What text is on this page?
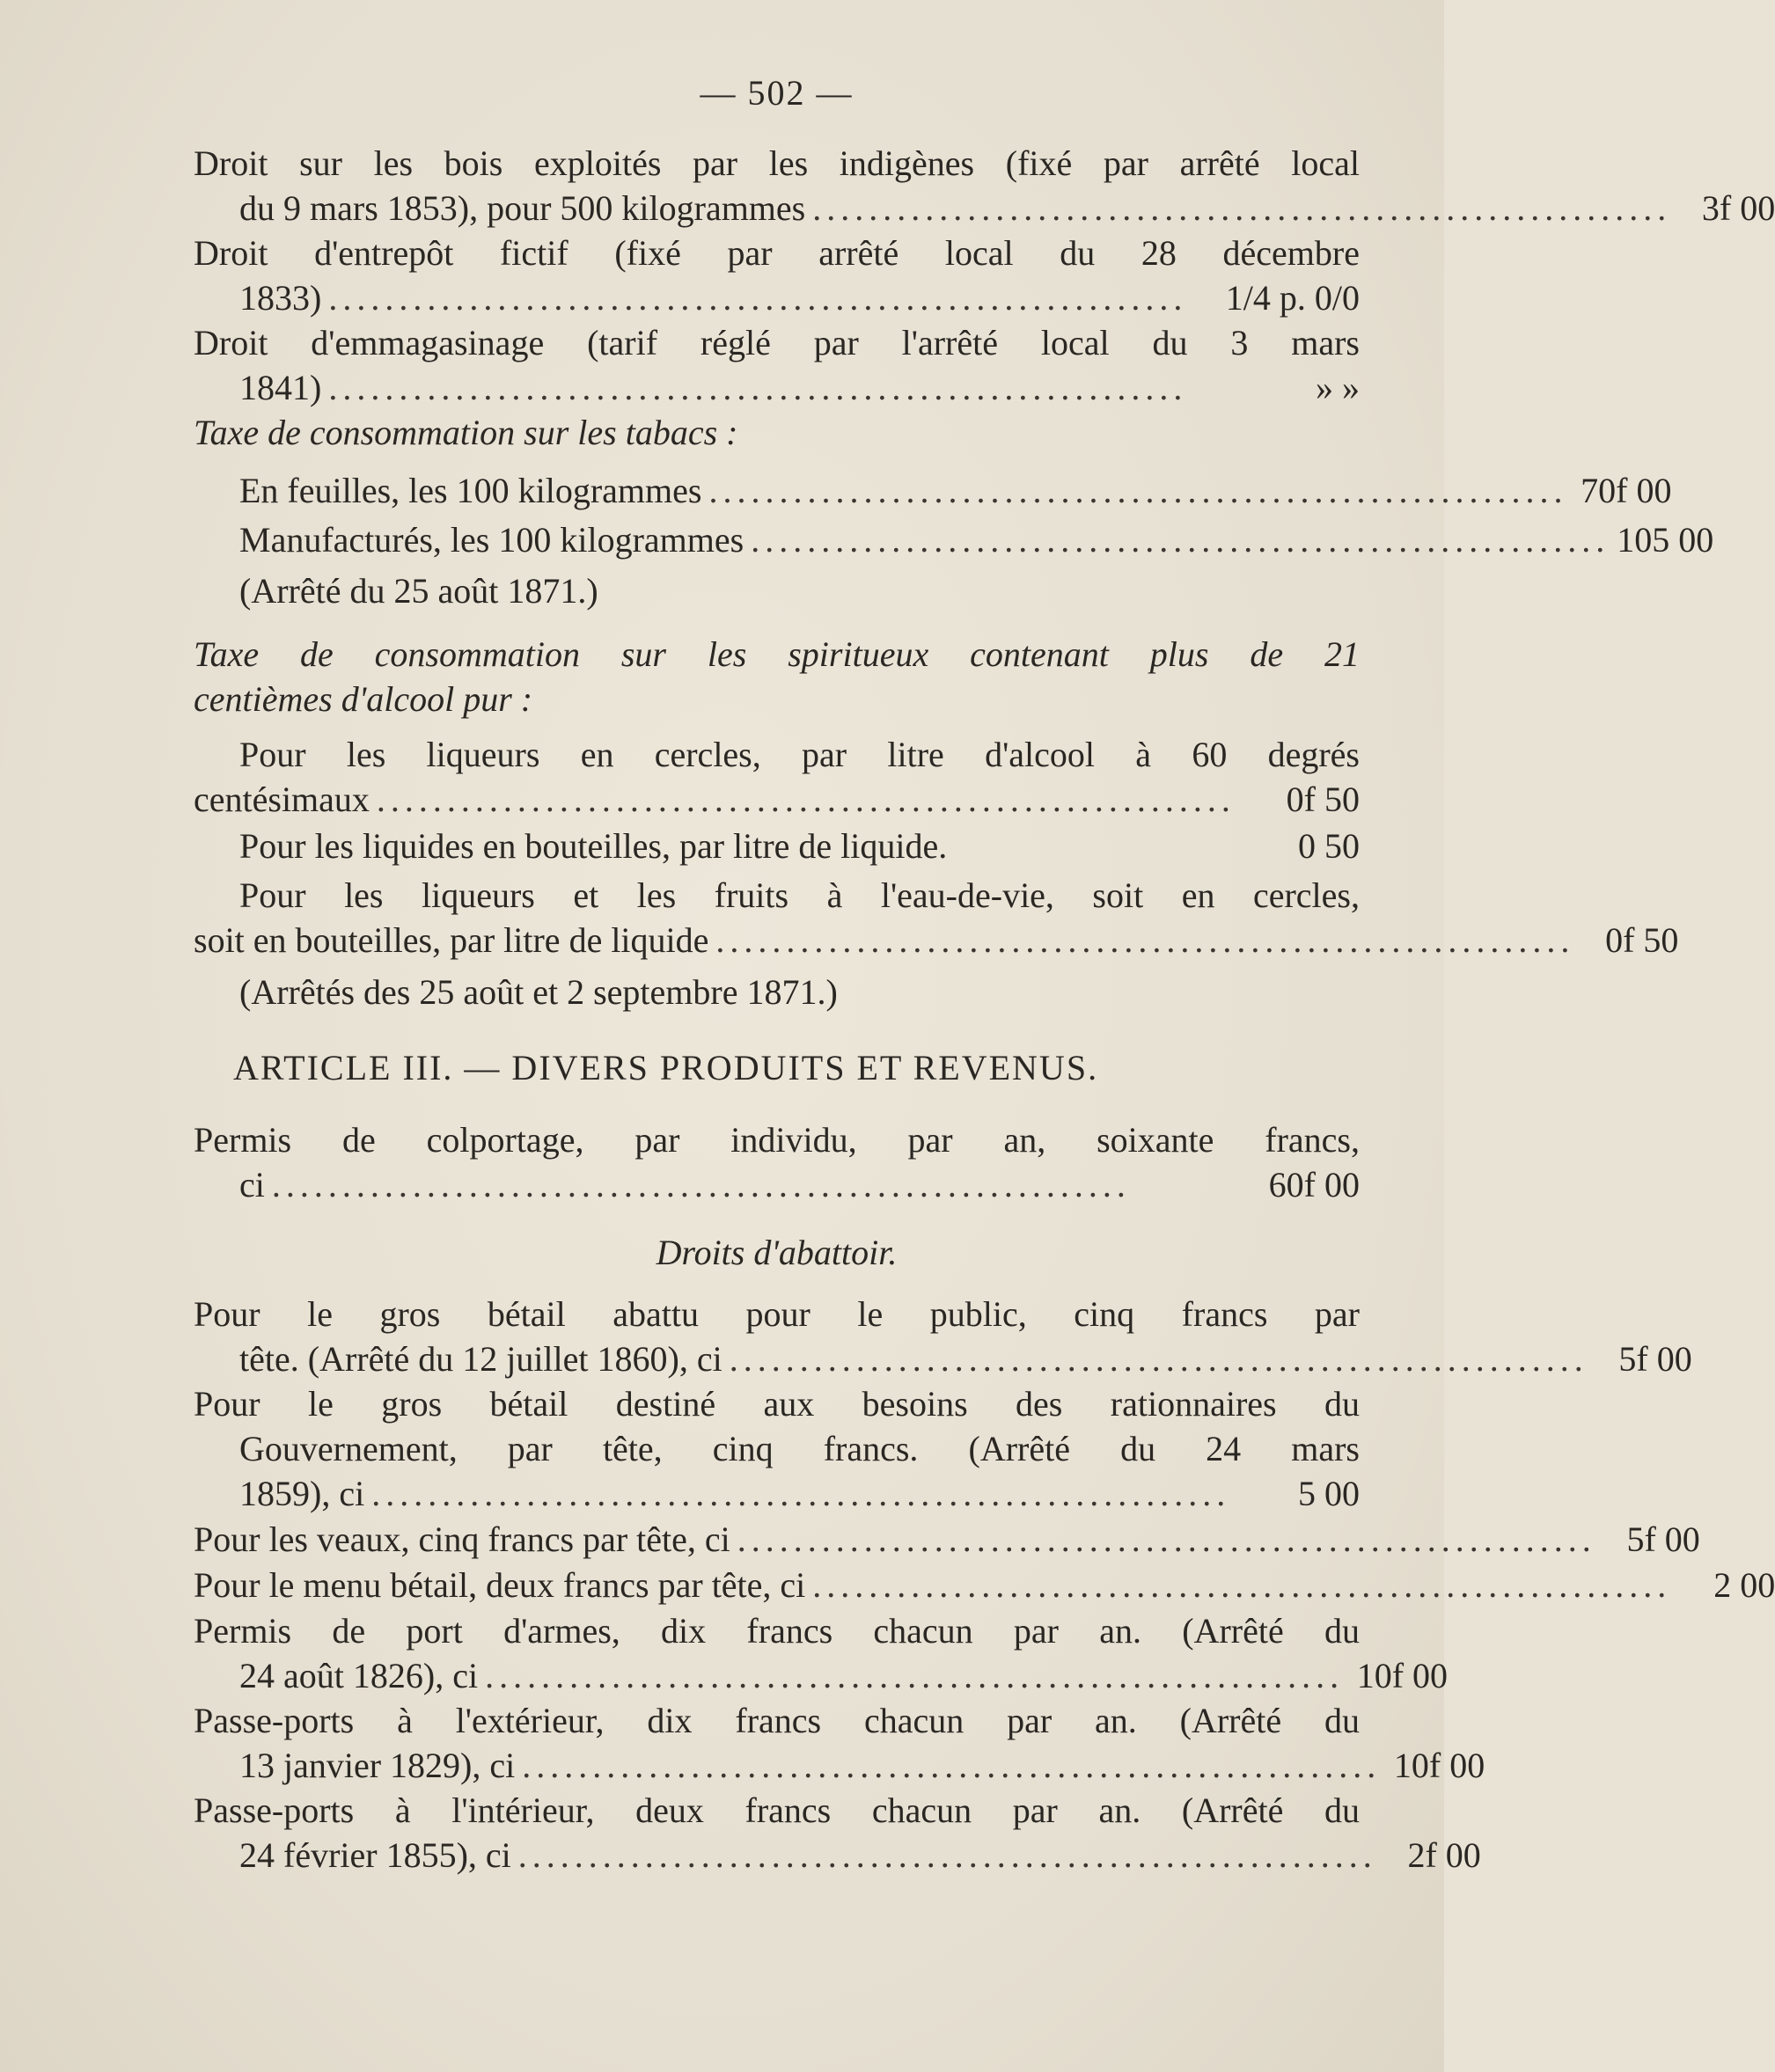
— 502 —
Droit sur les bois exploités par les indigènes (fixé par arrêté local
du 9 mars 1853), pour 500 kilogrammes ............................................................. 3f 00
Droit d'entrepôt fictif (fixé par arrêté local du 28 décembre
1833) .............................................................	1/4 p. 0/0
Droit d'emmagasinage (tarif réglé par l'arrêté local du 3 mars
1841) .............................................................	» »
Taxe de consommation sur les tabacs :
En feuilles, les 100 kilogrammes ............................................................. 70f 00
Manufacturés, les 100 kilogrammes ............................................................. 105 00
(Arrêté du 25 août 1871.)
Taxe de consommation sur les spiritueux contenant plus de 21
centièmes d'alcool pur :
Pour les liqueurs en cercles, par litre d'alcool à 60 degrés
centésimaux .............................................................	0f 50
Pour les liquides en bouteilles, par litre de liquide.	0 50
Pour les liqueurs et les fruits à l'eau-de-vie, soit en cercles,
soit en bouteilles, par litre de liquide ............................................................. 0f 50
(Arrêtés des 25 août et 2 septembre 1871.)
ARTICLE III. — DIVERS PRODUITS ET REVENUS.
Permis de colportage, par individu, par an, soixante francs,
ci .............................................................	60f 00
Droits d'abattoir.
Pour le gros bétail abattu pour le public, cinq francs par
tête. (Arrêté du 12 juillet 1860), ci ............................................................. 5f 00
Pour le gros bétail destiné aux besoins des rationnaires du
Gouvernement, par tête, cinq francs. (Arrêté du 24 mars
1859), ci .............................................................	5 00
Pour les veaux, cinq francs par tête, ci ............................................................. 5f 00
Pour le menu bétail, deux francs par tête, ci .............................................................	2 00
Permis de port d'armes, dix francs chacun par an. (Arrêté du
24 août 1826), ci ............................................................. 10f 00
Passe-ports à l'extérieur, dix francs chacun par an. (Arrêté du
13 janvier 1829), ci ............................................................. 10f 00
Passe-ports à l'intérieur, deux francs chacun par an. (Arrêté du
24 février 1855), ci ............................................................. 2f 00
